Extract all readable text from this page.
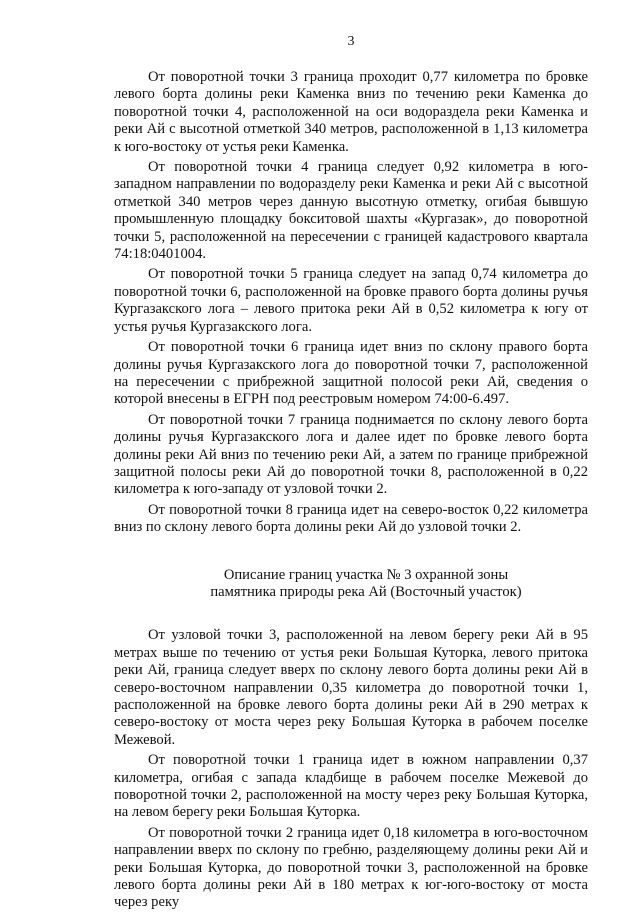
3

От поворотной точки 3 граница проходит 0,77 километра по бровке левого борта долины реки Каменка вниз по течению реки Каменка до поворотной точки 4, расположенной на оси водораздела реки Каменка и реки Ай с высотной отметкой 340 метров, расположенной в 1,13 километра к юго-востоку от устья реки Каменка.

От поворотной точки 4 граница следует 0,92 километра в юго-западном направлении по водоразделу реки Каменка и реки Ай с высотной отметкой 340 метров через данную высотную отметку, огибая бывшую промышленную площадку бокситовой шахты «Кургазак», до поворотной точки 5, расположенной на пересечении с границей кадастрового квартала 74:18:0401004.

От поворотной точки 5 граница следует на запад 0,74 километра до поворотной точки 6, расположенной на бровке правого борта долины ручья Кургазакского лога – левого притока реки Ай в 0,52 километра к югу от устья ручья Кургазакского лога.

От поворотной точки 6 граница идет вниз по склону правого борта долины ручья Кургазакского лога до поворотной точки 7, расположенной на пересечении с прибрежной защитной полосой реки Ай, сведения о которой внесены в ЕГРН под реестровым номером 74:00-6.497.

От поворотной точки 7 граница поднимается по склону левого борта долины ручья Кургазакского лога и далее идет по бровке левого борта долины реки Ай вниз по течению реки Ай, а затем по границе прибрежной защитной полосы реки Ай до поворотной точки 8, расположенной в 0,22 километра к юго-западу от узловой точки 2.

От поворотной точки 8 граница идет на северо-восток 0,22 километра вниз по склону левого борта долины реки Ай до узловой точки 2.

Описание границ участка № 3 охранной зоны
памятника природы река Ай (Восточный участок)

От узловой точки 3, расположенной на левом берегу реки Ай в 95 метрах выше по течению от устья реки Большая Куторка, левого притока реки Ай, граница следует вверх по склону левого борта долины реки Ай в северо-восточном направлении 0,35 километра до поворотной точки 1, расположенной на бровке левого борта долины реки Ай в 290 метрах к северо-востоку от моста через реку Большая Куторка в рабочем поселке Межевой.

От поворотной точки 1 граница идет в южном направлении 0,37 километра, огибая с запада кладбище в рабочем поселке Межевой до поворотной точки 2, расположенной на мосту через реку Большая Куторка, на левом берегу реки Большая Куторка.

От поворотной точки 2 граница идет 0,18 километра в юго-восточном направлении вверх по склону по гребню, разделяющему долины реки Ай и реки Большая Куторка, до поворотной точки 3, расположенной на бровке левого борта долины реки Ай в 180 метрах к юг-юго-востоку от моста через реку
